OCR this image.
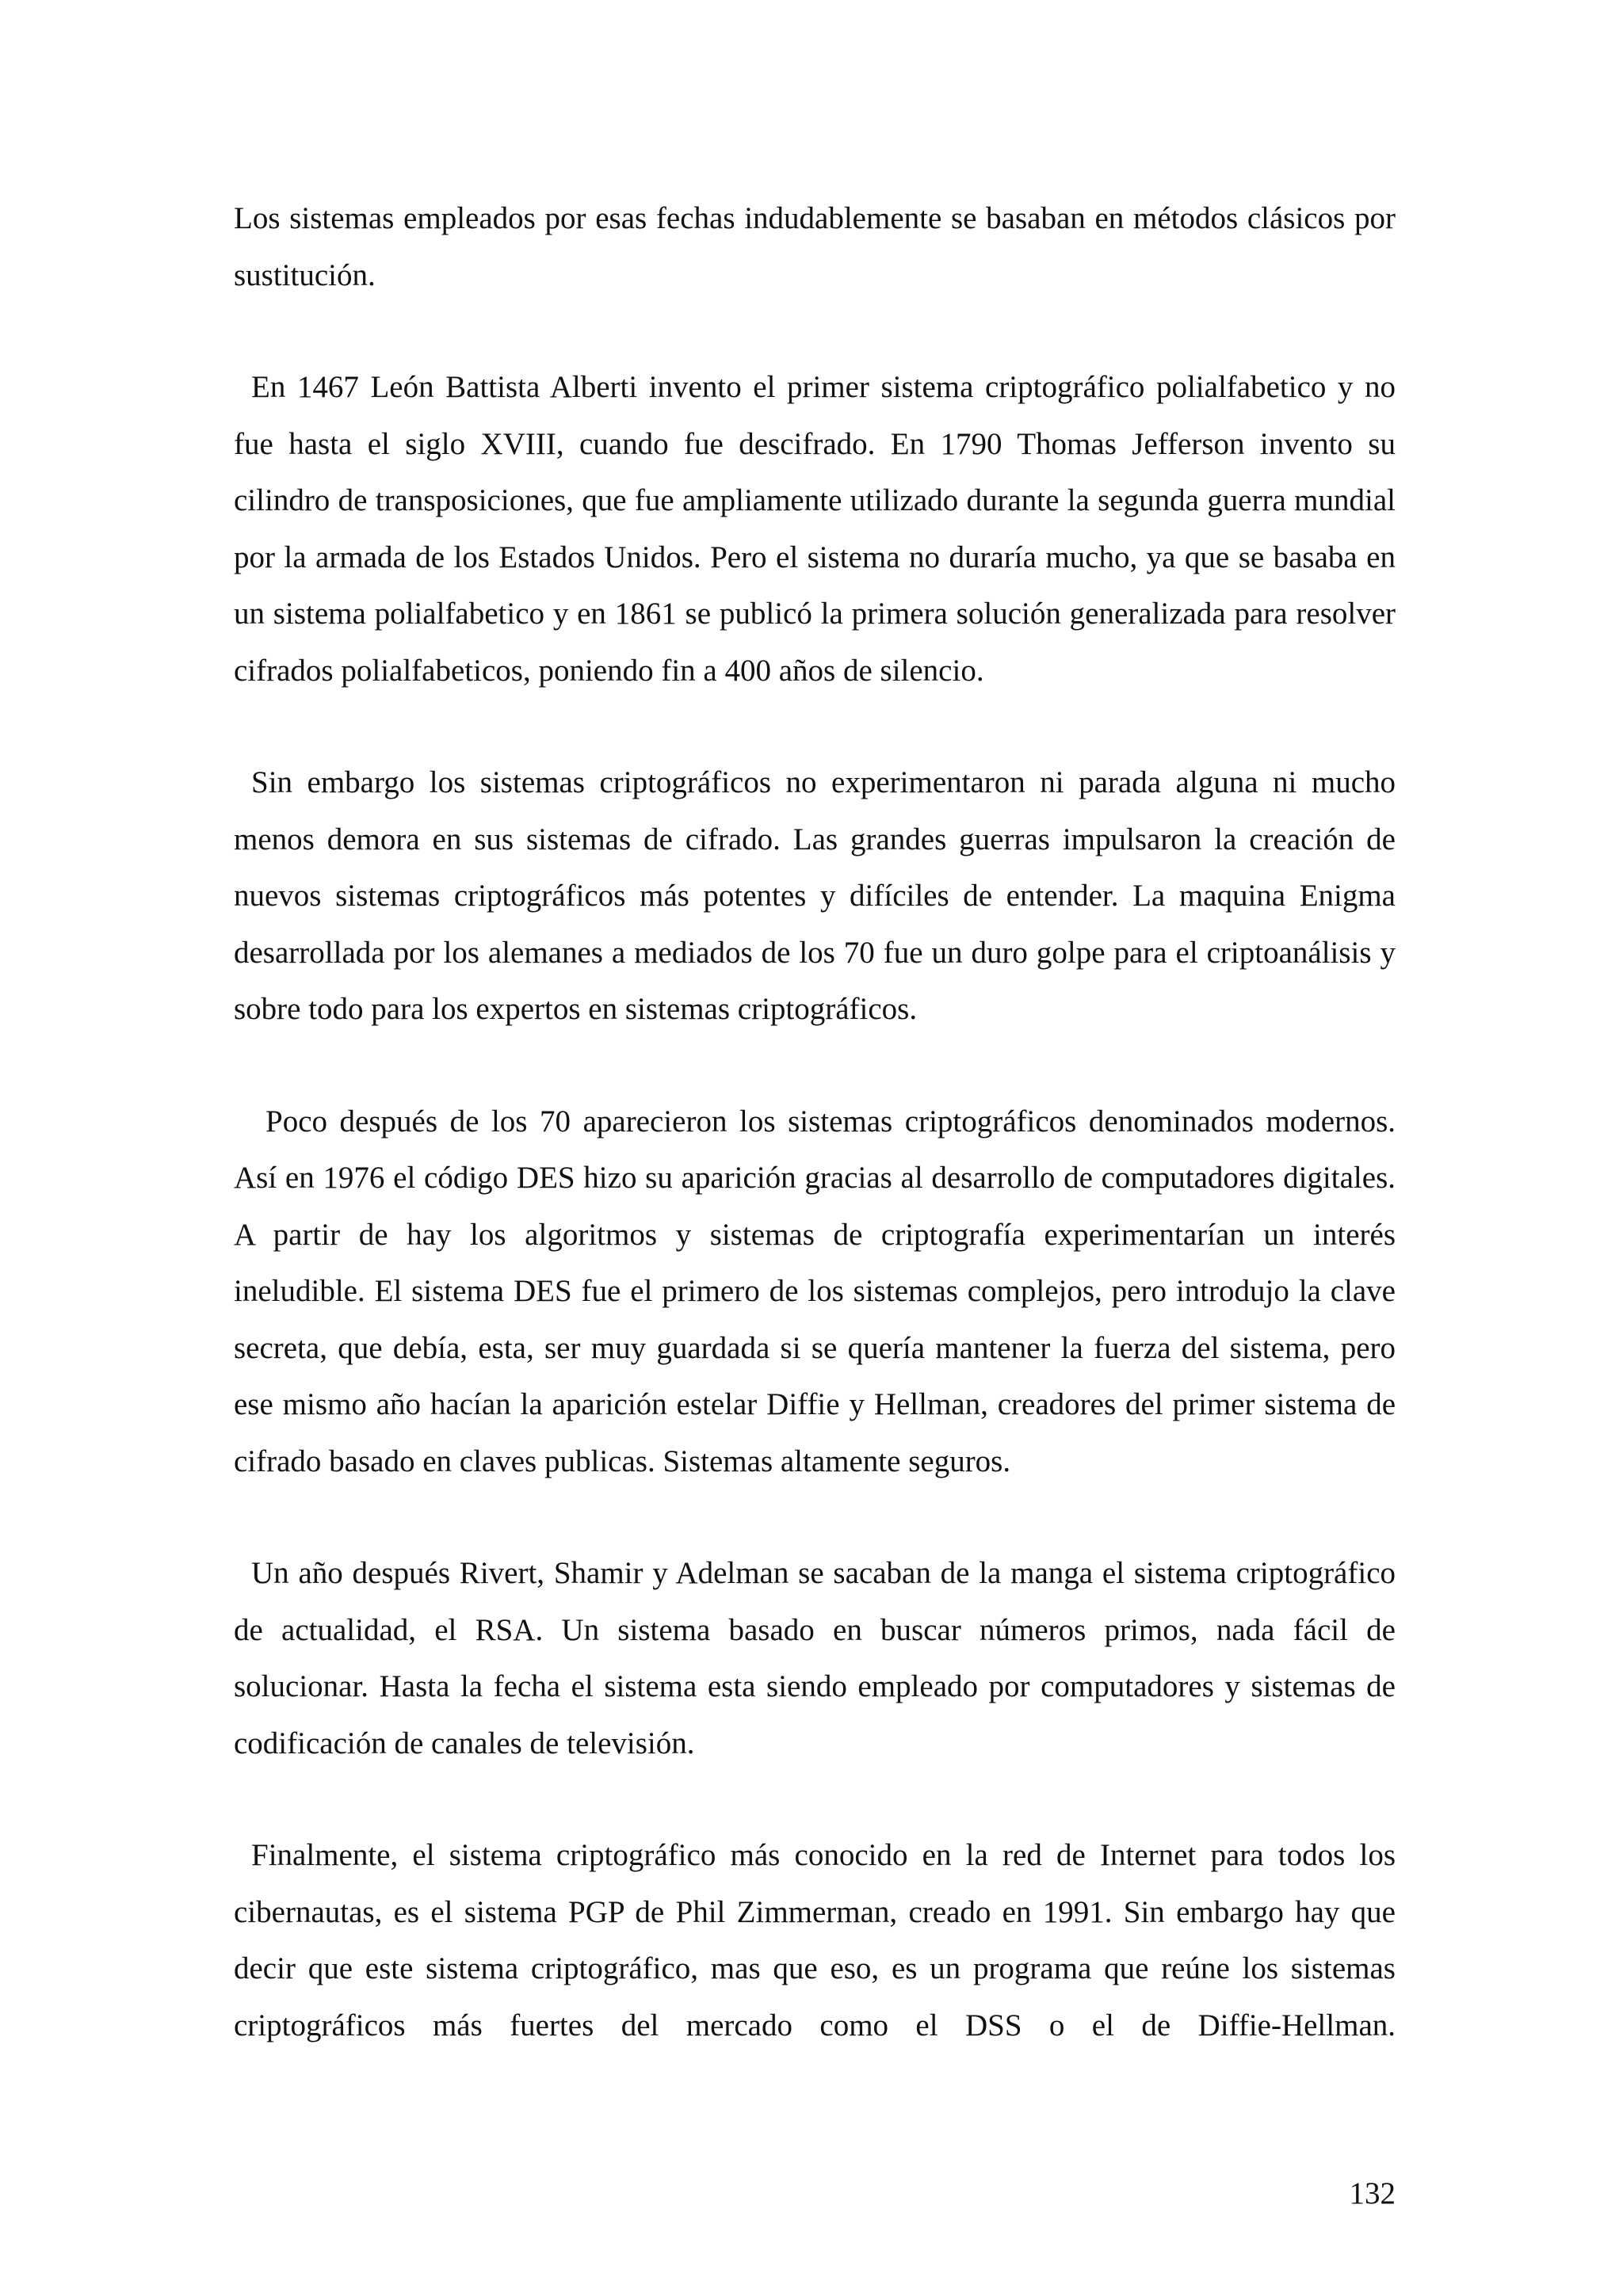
Los sistemas empleados por esas fechas indudablemente se basaban en métodos clásicos por sustitución.

En 1467 León Battista Alberti invento el primer sistema criptográfico polialfabetico y no fue hasta el siglo XVIII, cuando fue descifrado. En 1790 Thomas Jefferson invento su cilindro de transposiciones, que fue ampliamente utilizado durante la segunda guerra mundial por la armada de los Estados Unidos. Pero el sistema no duraría mucho, ya que se basaba en un sistema polialfabetico y en 1861 se publicó la primera solución generalizada para resolver cifrados polialfabeticos, poniendo fin a 400 años de silencio.

Sin embargo los sistemas criptográficos no experimentaron ni parada alguna ni mucho menos demora en sus sistemas de cifrado. Las grandes guerras impulsaron la creación de nuevos sistemas criptográficos más potentes y difíciles de entender. La maquina Enigma desarrollada por los alemanes a mediados de los 70 fue un duro golpe para el criptoanálisis y sobre todo para los expertos en sistemas criptográficos.

Poco después de los 70 aparecieron los sistemas criptográficos denominados modernos. Así en 1976 el código DES hizo su aparición gracias al desarrollo de computadores digitales. A partir de hay los algoritmos y sistemas de criptografía experimentarían un interés ineludible. El sistema DES fue el primero de los sistemas complejos, pero introdujo la clave secreta, que debía, esta, ser muy guardada si se quería mantener la fuerza del sistema, pero ese mismo año hacían la aparición estelar Diffie y Hellman, creadores del primer sistema de cifrado basado en claves publicas. Sistemas altamente seguros.

Un año después Rivert, Shamir y Adelman se sacaban de la manga el sistema criptográfico de actualidad, el RSA. Un sistema basado en buscar números primos, nada fácil de solucionar. Hasta la fecha el sistema esta siendo empleado por computadores y sistemas de codificación de canales de televisión.

Finalmente, el sistema criptográfico más conocido en la red de Internet para todos los cibernautas, es el sistema PGP de Phil Zimmerman, creado en 1991. Sin embargo hay que decir que este sistema criptográfico, mas que eso, es un programa que reúne los sistemas criptográficos más fuertes del mercado como el DSS o el de Diffie-Hellman.

132
